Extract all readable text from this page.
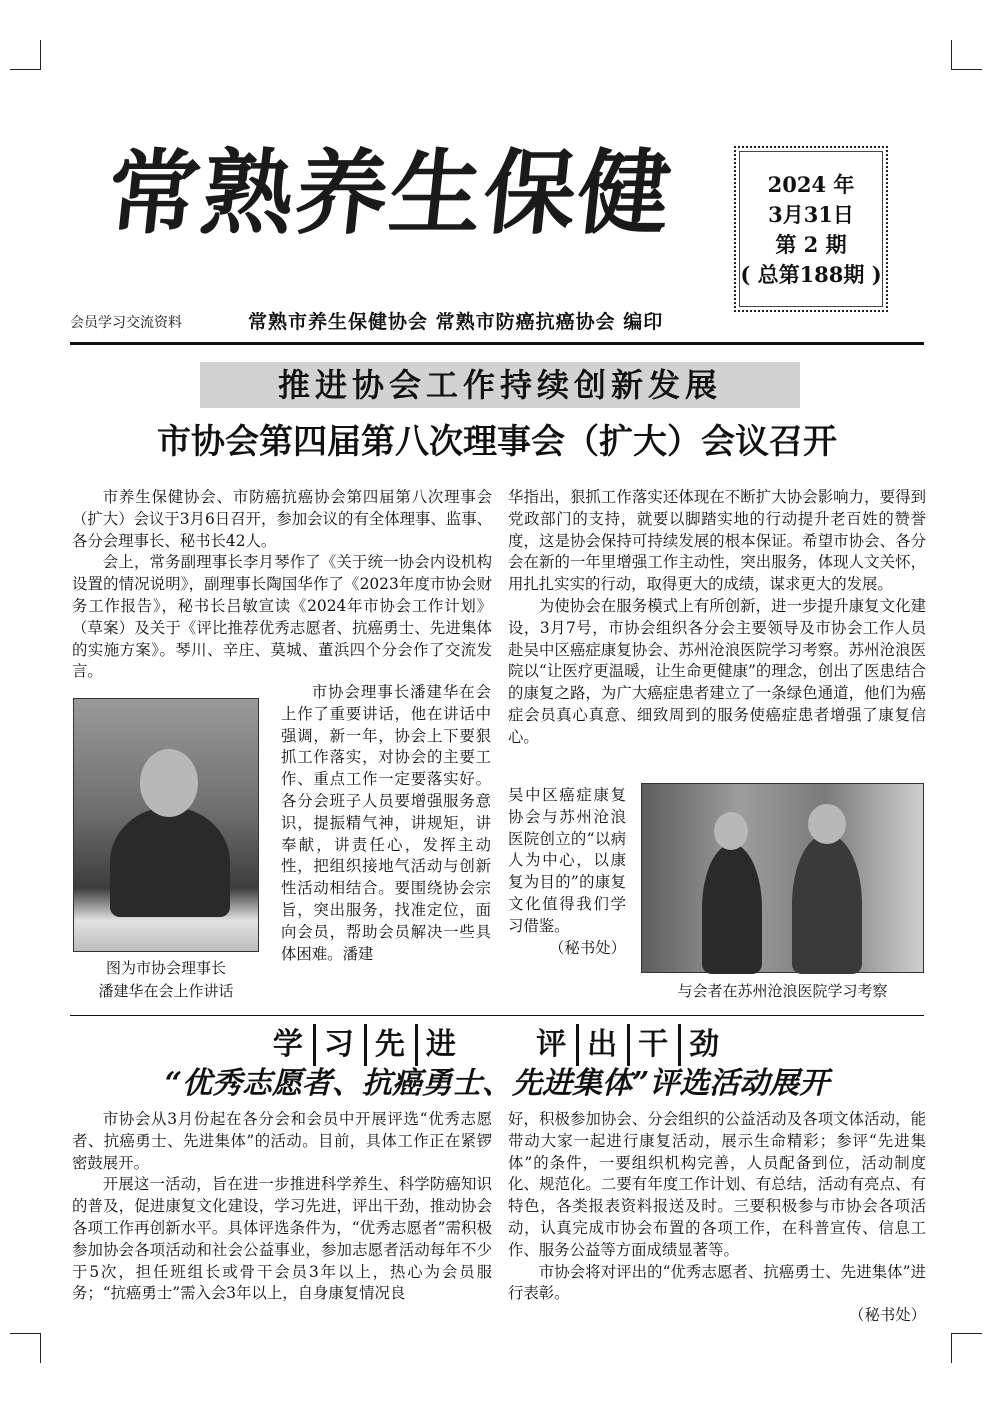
常熟养生保健	2024 年
3月31日
第 2 期
( 总第188期 )
会员学习交流资料	常熟市养生保健协会 常熟市防癌抗癌协会 编印
推进协会工作持续创新发展
市协会第四届第八次理事会（扩大）会议召开

市养生保健协会、市防癌抗癌协会第四届第八次理事会（扩大）会议于3月6日召开，参加会议的有全体理事、监事、各分会理事长、秘书长42人。

会上，常务副理事长李月琴作了《关于统一协会内设机构设置的情况说明》，副理事长陶国华作了《2023年度市协会财务工作报告》，秘书长吕敏宣读《2024年市协会工作计划》（草案）及关于《评比推荐优秀志愿者、抗癌勇士、先进集体的实施方案》。琴川、辛庄、莫城、董浜四个分会作了交流发言。

图为市协会理事长
潘建华在会上作讲话

市协会理事长潘建华在会上作了重要讲话，他在讲话中强调，新一年，协会上下要狠抓工作落实，对协会的主要工作、重点工作一定要落实好。各分会班子人员要增强服务意识，提振精气神，讲规矩，讲奉献，讲责任心，发挥主动性，把组织接地气活动与创新性活动相结合。要围绕协会宗旨，突出服务，找准定位，面向会员，帮助会员解决一些具体困难。潘建

华指出，狠抓工作落实还体现在不断扩大协会影响力，要得到党政部门的支持，就要以脚踏实地的行动提升老百姓的赞誉度，这是协会保持可持续发展的根本保证。希望市协会、各分会在新的一年里增强工作主动性，突出服务，体现人文关怀，用扎扎实实的行动，取得更大的成绩，谋求更大的发展。

为使协会在服务模式上有所创新，进一步提升康复文化建设，3月7号，市协会组织各分会主要领导及市协会工作人员赴吴中区癌症康复协会、苏州沧浪医院学习考察。苏州沧浪医院以“让医疗更温暖，让生命更健康”的理念，创出了医患结合的康复之路，为广大癌症患者建立了一条绿色通道，他们为癌症会员真心真意、细致周到的服务使癌症患者增强了康复信心。

吴中区癌症康复协会与苏州沧浪医院创立的“以病人为中心，以康复为目的”的康复文化值得我们学习借鉴。

（秘书处）

与会者在苏州沧浪医院学习考察
学 习 先 进	评 出 干 劲
“优秀志愿者、抗癌勇士、先进集体”评选活动展开

市协会从3月份起在各分会和会员中开展评选“优秀志愿者、抗癌勇士、先进集体”的活动。目前，具体工作正在紧锣密鼓展开。

开展这一活动，旨在进一步推进科学养生、科学防癌知识的普及，促进康复文化建设，学习先进，评出干劲，推动协会各项工作再创新水平。具体评选条件为，“优秀志愿者”需积极参加协会各项活动和社会公益事业，参加志愿者活动每年不少于5次，担任班组长或骨干会员3年以上，热心为会员服务；“抗癌勇士”需入会3年以上，自身康复情况良

好，积极参加协会、分会组织的公益活动及各项文体活动，能带动大家一起进行康复活动，展示生命精彩；参评“先进集体”的条件，一要组织机构完善，人员配备到位，活动制度化、规范化。二要有年度工作计划、有总结，活动有亮点、有特色，各类报表资料报送及时。三要积极参与市协会各项活动，认真完成市协会布置的各项工作，在科普宣传、信息工作、服务公益等方面成绩显著等。

市协会将对评出的“优秀志愿者、抗癌勇士、先进集体”进行表彰。

（秘书处）
